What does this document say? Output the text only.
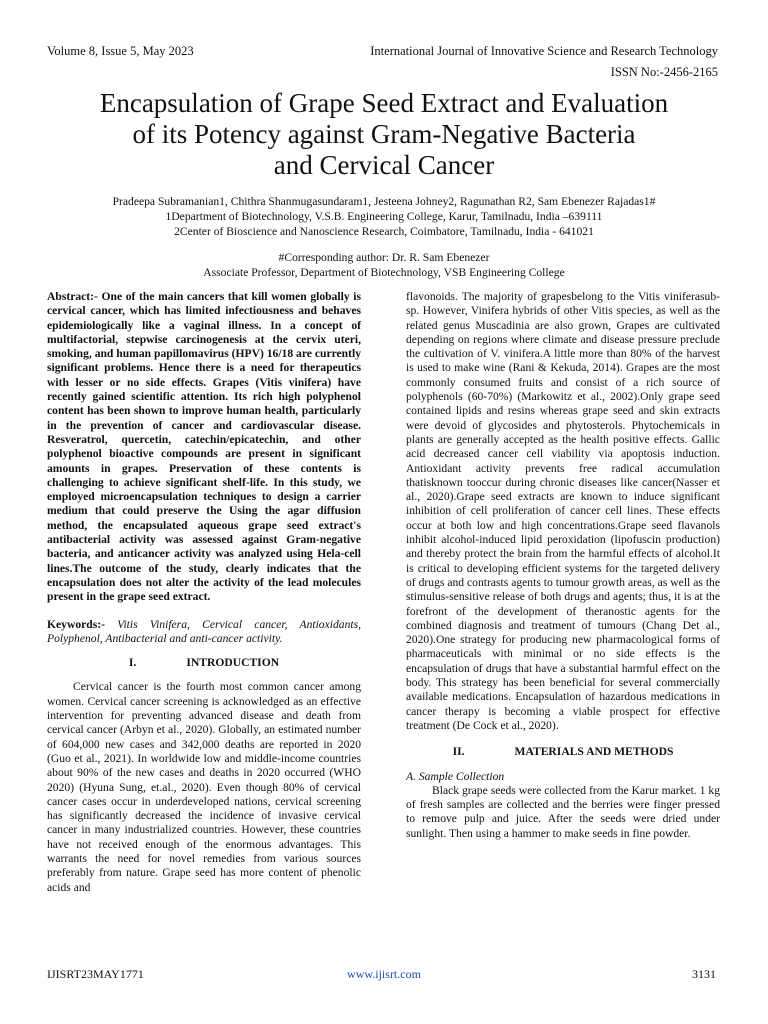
Volume 8, Issue 5, May 2023	International Journal of Innovative Science and Research Technology
ISSN No:-2456-2165
Encapsulation of Grape Seed Extract and Evaluation
of its Potency against Gram-Negative Bacteria
and Cervical Cancer
Pradeepa Subramanian1, Chithra Shanmugasundaram1, Jesteena Johney2, Ragunathan R2, Sam Ebenezer Rajadas1#
1Department of Biotechnology, V.S.B. Engineering College, Karur, Tamilnadu, India –639111
2Center of Bioscience and Nanoscience Research, Coimbatore, Tamilnadu, India - 641021
#Corresponding author: Dr. R. Sam Ebenezer
Associate Professor, Department of Biotechnology, VSB Engineering College

Abstract:- One of the main cancers that kill women globally is cervical cancer, which has limited infectiousness and behaves epidemiologically like a vaginal illness. In a concept of multifactorial, stepwise carcinogenesis at the cervix uteri, smoking, and human papillomavirus (HPV) 16/18 are currently significant problems. Hence there is a need for therapeutics with lesser or no side effects. Grapes (Vitis vinifera) have recently gained scientific attention. Its rich high polyphenol content has been shown to improve human health, particularly in the prevention of cancer and cardiovascular disease. Resveratrol, quercetin, catechin/epicatechin, and other polyphenol bioactive compounds are present in significant amounts in grapes. Preservation of these contents is challenging to achieve significant shelf-life. In this study, we employed microencapsulation techniques to design a carrier medium that could preserve the Using the agar diffusion method, the encapsulated aqueous grape seed extract's antibacterial activity was assessed against Gram-negative bacteria, and anticancer activity was analyzed using Hela-cell lines.The outcome of the study, clearly indicates that the encapsulation does not alter the activity of the lead molecules present in the grape seed extract.

Keywords:- Vitis Vinifera, Cervical cancer, Antioxidants, Polyphenol, Antibacterial and anti-cancer activity.

I.	INTRODUCTION

Cervical cancer is the fourth most common cancer among women. Cervical cancer screening is acknowledged as an effective intervention for preventing advanced disease and death from cervical cancer (Arbyn et al., 2020). Globally, an estimated number of 604,000 new cases and 342,000 deaths are reported in 2020 (Guo et al., 2021). In worldwide low and middle-income countries about 90% of the new cases and deaths in 2020 occurred (WHO 2020) (Hyuna Sung, et.al., 2020). Even though 80% of cervical cancer cases occur in underdeveloped nations, cervical screening has significantly decreased the incidence of invasive cervical cancer in many industrialized countries. However, these countries have not received enough of the enormous advantages. This warrants the need for novel remedies from various sources preferably from nature. Grape seed has more content of phenolic acids and

flavonoids. The majority of grapesbelong to the Vitis viniferasub-sp. However, Vinifera hybrids of other Vitis species, as well as the related genus Muscadinia are also grown, Grapes are cultivated depending on regions where climate and disease pressure preclude the cultivation of V. vinifera.A little more than 80% of the harvest is used to make wine (Rani & Kekuda, 2014). Grapes are the most commonly consumed fruits and consist of a rich source of polyphenols (60-70%) (Markowitz et al., 2002).Only grape seed contained lipids and resins whereas grape seed and skin extracts were devoid of glycosides and phytosterols. Phytochemicals in plants are generally accepted as the health positive effects. Gallic acid decreased cancer cell viability via apoptosis induction. Antioxidant activity prevents free radical accumulation thatisknown tooccur during chronic diseases like cancer(Nasser et al., 2020).Grape seed extracts are known to induce significant inhibition of cell proliferation of cancer cell lines. These effects occur at both low and high concentrations.Grape seed flavanols inhibit alcohol-induced lipid peroxidation (lipofuscin production) and thereby protect the brain from the harmful effects of alcohol.It is critical to developing efficient systems for the targeted delivery of drugs and contrasts agents to tumour growth areas, as well as the stimulus-sensitive release of both drugs and agents; thus, it is at the forefront of the development of theranostic agents for the combined diagnosis and treatment of tumours (Chang Det al., 2020).One strategy for producing new pharmacological forms of pharmaceuticals with minimal or no side effects is the encapsulation of drugs that have a substantial harmful effect on the body. This strategy has been beneficial for several commercially available medications. Encapsulation of hazardous medications in cancer therapy is becoming a viable prospect for effective treatment (De Cock et al., 2020).

II.	MATERIALS AND METHODS

A. Sample Collection

Black grape seeds were collected from the Karur market. 1 kg of fresh samples are collected and the berries were finger pressed to remove pulp and juice. After the seeds were dried under sunlight. Then using a hammer to make seeds in fine powder.

IJISRT23MAY1771	www.ijisrt.com	3131
